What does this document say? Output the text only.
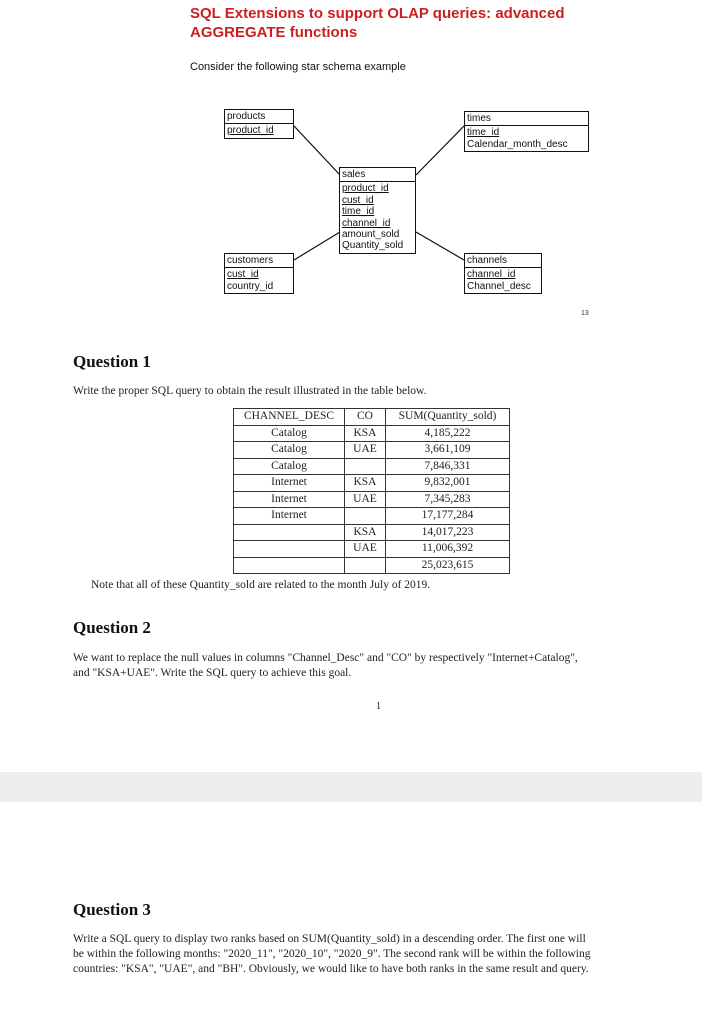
SQL Extensions to support OLAP queries: advanced
AGGREGATE functions
Consider the following star schema example
products
product_id
times
time_id
Calendar_month_desc
sales
product_id
cust_id
time_id
channel_id
amount_sold
Quantity_sold
customers
cust_id
country_id
channels
channel_id
Channel_desc
13
Question 1
Write the proper SQL query to obtain the result illustrated in the table below.
CHANNEL_DESC	CO	SUM(Quantity_sold)
Catalog	KSA	4,185,222
Catalog	UAE	3,661,109
Catalog		7,846,331
Internet	KSA	9,832,001
Internet	UAE	7,345,283
Internet		17,177,284
	KSA	14,017,223
	UAE	11,006,392
		25,023,615
Note that all of these Quantity_sold are related to the month July of 2019.
Question 2
We want to replace the null values in columns "Channel_Desc" and "CO" by respectively "Internet+Catalog",
and "KSA+UAE". Write the SQL query to achieve this goal.
1
Question 3
Write a SQL query to display two ranks based on SUM(Quantity_sold) in a descending order. The first one will
be within the following months: "2020_11", "2020_10", "2020_9". The second rank will be within the following
countries: "KSA", "UAE", and "BH". Obviously, we would like to have both ranks in the same result and query.
